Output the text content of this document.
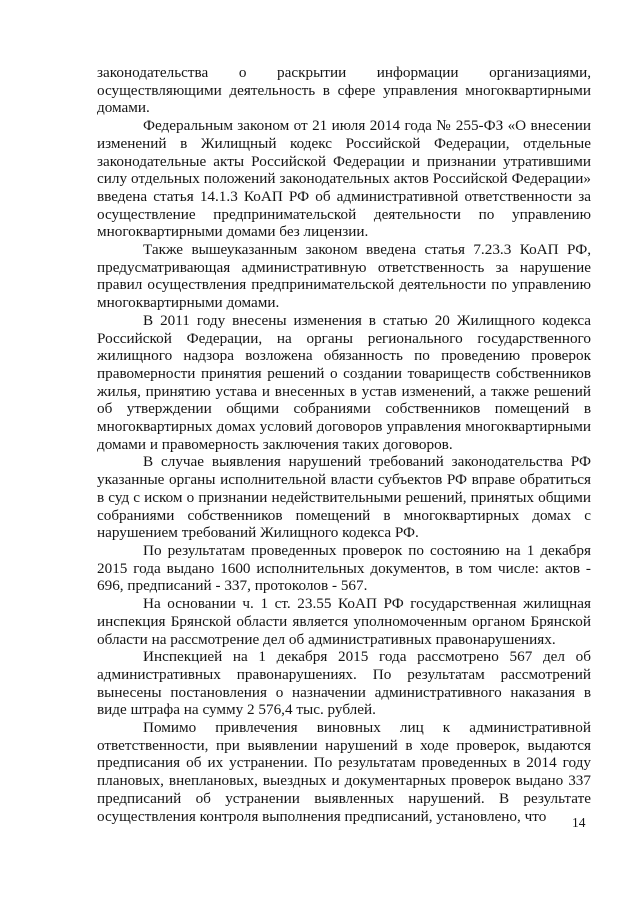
законодательства о раскрытии информации организациями, осуществляющими деятельность в сфере управления многоквартирными домами.

Федеральным законом от 21 июля 2014 года № 255-ФЗ «О внесении изменений в Жилищный кодекс Российской Федерации, отдельные законодательные акты Российской Федерации и признании утратившими силу отдельных положений законодательных актов Российской Федерации» введена статья 14.1.3 КоАП РФ об административной ответственности за осуществление предпринимательской деятельности по управлению многоквартирными домами без лицензии.

Также вышеуказанным законом введена статья 7.23.3 КоАП РФ, предусматривающая административную ответственность за нарушение правил осуществления предпринимательской деятельности по управлению многоквартирными домами.

В 2011 году внесены изменения в статью 20 Жилищного кодекса Российской Федерации, на органы регионального государственного жилищного надзора возложена обязанность по проведению проверок правомерности принятия решений о создании товариществ собственников жилья, принятию устава и внесенных в устав изменений, а также решений об утверждении общими собраниями собственников помещений в многоквартирных домах условий договоров управления многоквартирными домами и правомерность заключения таких договоров.

В случае выявления нарушений требований законодательства РФ указанные органы исполнительной власти субъектов РФ вправе обратиться в суд с иском о признании недействительными решений, принятых общими собраниями собственников помещений в многоквартирных домах с нарушением требований Жилищного кодекса РФ.

По результатам проведенных проверок по состоянию на 1 декабря 2015 года выдано 1600 исполнительных документов, в том числе: актов - 696, предписаний - 337, протоколов - 567.

На основании ч. 1 ст. 23.55 КоАП РФ государственная жилищная инспекция Брянской области является уполномоченным органом Брянской области на рассмотрение дел об административных правонарушениях.

Инспекцией на 1 декабря 2015 года рассмотрено 567 дел об административных правонарушениях. По результатам рассмотрений вынесены постановления о назначении административного наказания в виде штрафа на сумму 2 576,4 тыс. рублей.

Помимо привлечения виновных лиц к административной ответственности, при выявлении нарушений в ходе проверок, выдаются предписания об их устранении. По результатам проведенных в 2014 году плановых, внеплановых, выездных и документарных проверок выдано 337 предписаний об устранении выявленных нарушений. В результате осуществления контроля выполнения предписаний, установлено, что	14
